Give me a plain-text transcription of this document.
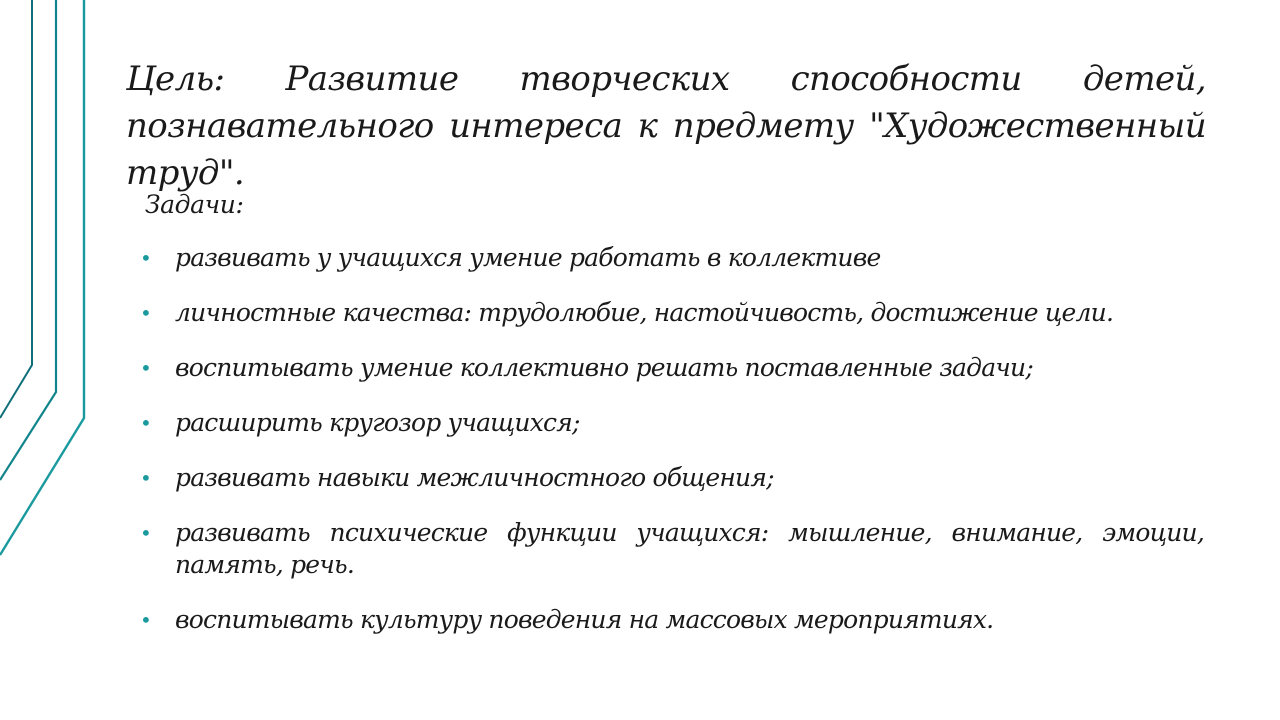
Цель: Развитие творческих способности детей, познавательного интереса к предмету "Художественный труд".

Задачи:

• развивать у учащихся умение работать в коллективе
• личностные качества: трудолюбие, настойчивость, достижение цели.
• воспитывать умение коллективно решать поставленные задачи;
• расширить кругозор учащихся;
• развивать навыки межличностного общения;
• развивать психические функции учащихся: мышление, внимание, эмоции, память, речь.
• воспитывать культуру поведения на массовых мероприятиях.
